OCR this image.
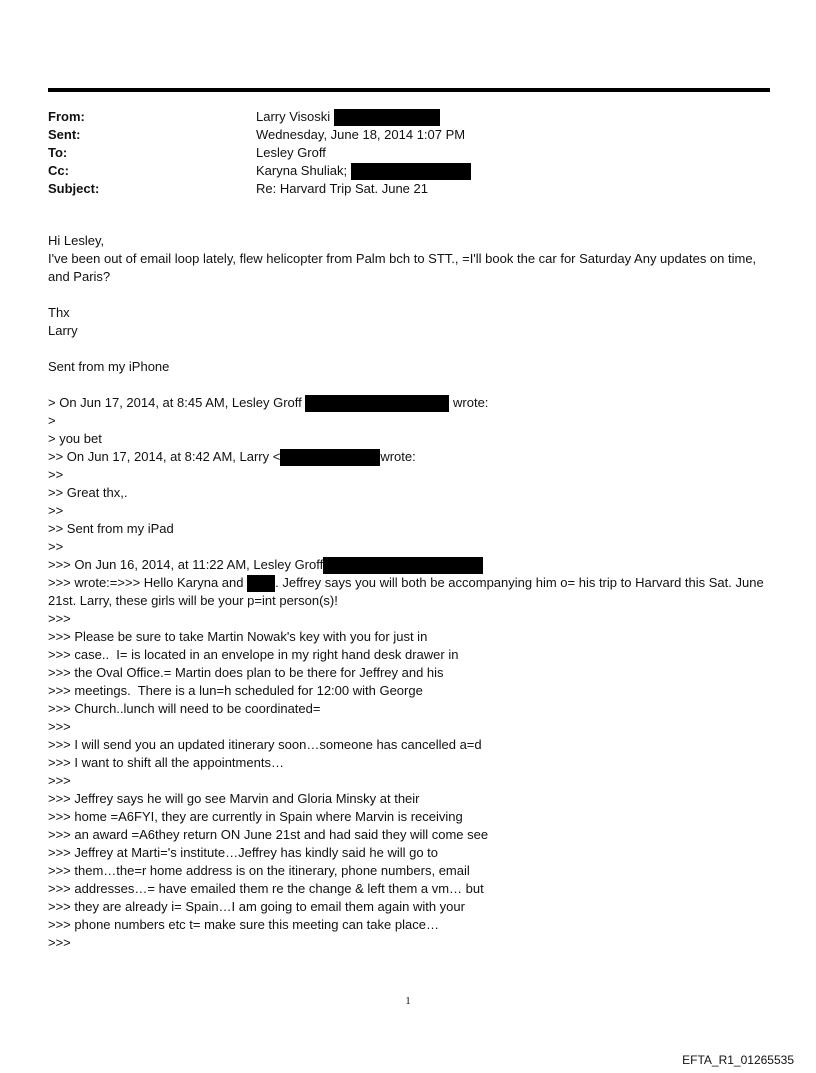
From:	Larry Visoski

Sent:	Wednesday, June 18, 2014 1:07 PM
To:	Lesley Groff
Cc:	Karyna Shuliak;

Subject:	Re: Harvard Trip Sat. June 21
Hi Lesley,
I've been out of email loop lately, flew helicopter from Palm bch to STT., =I'll book the car for Saturday Any updates on time, and Paris?

Thx
Larry

Sent from my iPhone

> On Jun 17, 2014, at 8:45 AM, Lesley Groff	wrote:
>
> you bet
>> On Jun 17, 2014, at 8:42 AM, Larry <	wrote:
>>
>> Great thx,.
>>
>> Sent from my iPad
>>
>>> On Jun 16, 2014, at 11:22 AM, Lesley Groff
>>> wrote:=>>> Hello Karyna and . Jeffrey says you will both be accompanying him o= his trip to Harvard this Sat. June 21st. Larry, these girls will be your p=int person(s)!
>>>
>>> Please be sure to take Martin Nowak's key with you for just in
>>> case..  I= is located in an envelope in my right hand desk drawer in
>>> the Oval Office.= Martin does plan to be there for Jeffrey and his
>>> meetings.  There is a lun=h scheduled for 12:00 with George
>>> Church..lunch will need to be coordinated=
>>>
>>> I will send you an updated itinerary soon…someone has cancelled a=d
>>> I want to shift all the appointments…
>>>
>>> Jeffrey says he will go see Marvin and Gloria Minsky at their
>>> home =A6FYI, they are currently in Spain where Marvin is receiving
>>> an award =A6they return ON June 21st and had said they will come see
>>> Jeffrey at Marti='s institute…Jeffrey has kindly said he will go to
>>> them…the=r home address is on the itinerary, phone numbers, email
>>> addresses…= have emailed them re the change & left them a vm… but
>>> they are already i= Spain…I am going to email them again with your
>>> phone numbers etc t= make sure this meeting can take place…
>>>
1
EFTA_R1_01265535
